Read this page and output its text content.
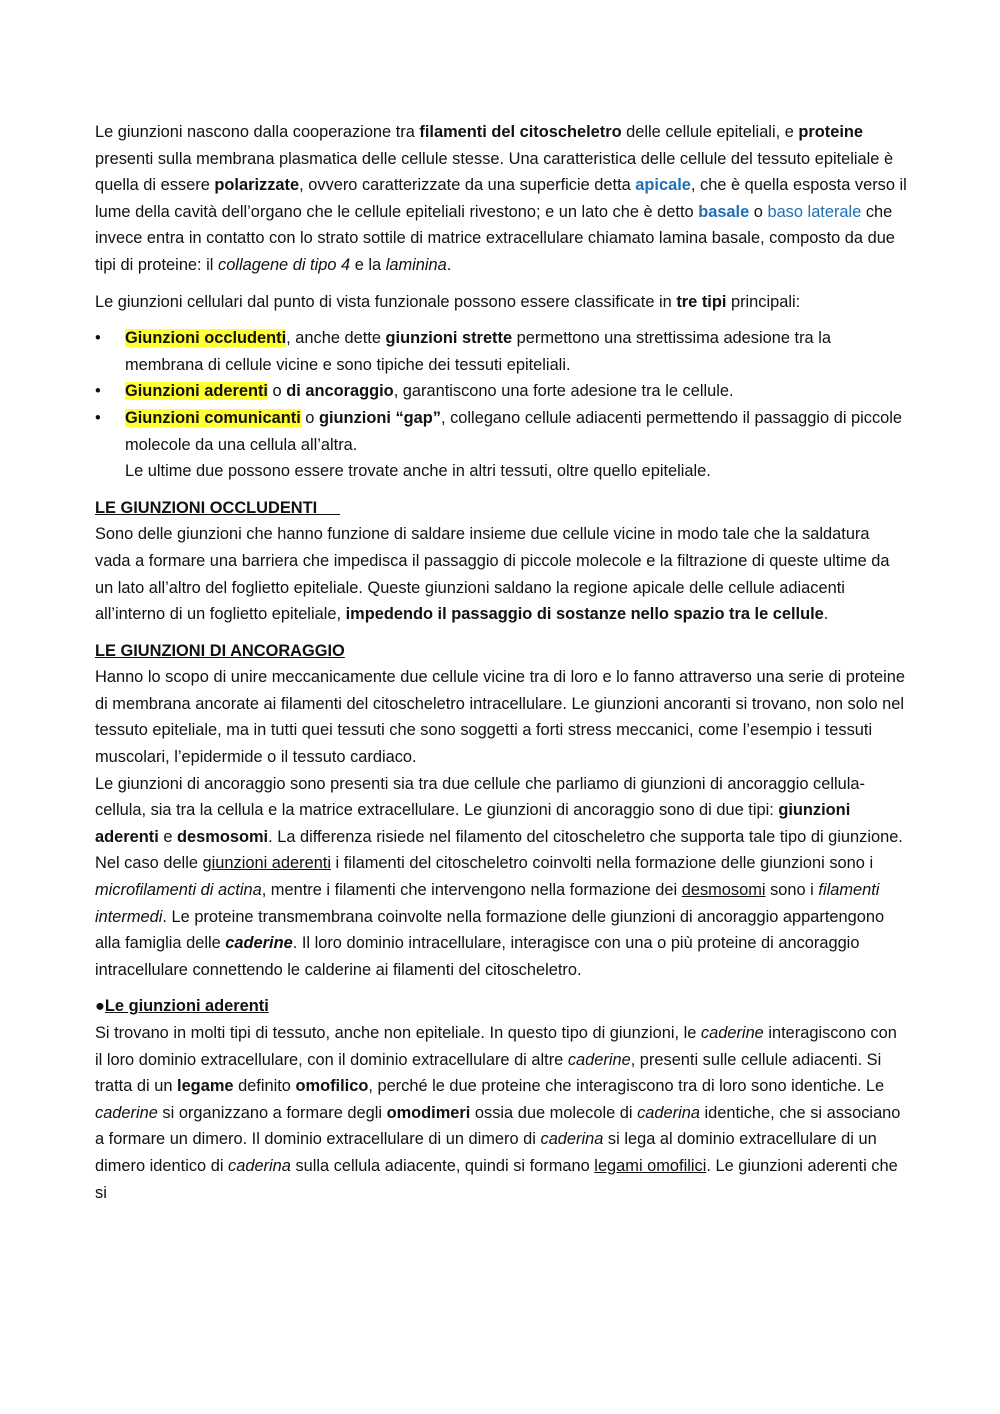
Le giunzioni nascono dalla cooperazione tra filamenti del citoscheletro delle cellule epiteliali, e proteine presenti sulla membrana plasmatica delle cellule stesse. Una caratteristica delle cellule del tessuto epiteliale è quella di essere polarizzate, ovvero caratterizzate da una superficie detta apicale, che è quella esposta verso il lume della cavità dell’organo che le cellule epiteliali rivestono; e un lato che è detto basale o baso laterale che invece entra in contatto con lo strato sottile di matrice extracellulare chiamato lamina basale, composto da due tipi di proteine: il collagene di tipo 4 e la laminina.

Le giunzioni cellulari dal punto di vista funzionale possono essere classificate in tre tipi principali:

• Giunzioni occludenti, anche dette giunzioni strette permettono una strettissima adesione tra la membrana di cellule vicine e sono tipiche dei tessuti epiteliali.
• Giunzioni aderenti o di ancoraggio, garantiscono una forte adesione tra le cellule.
• Giunzioni comunicanti o giunzioni “gap”, collegano cellule adiacenti permettendo il passaggio di piccole molecole da una cellula all’altra.
Le ultime due possono essere trovate anche in altri tessuti, oltre quello epiteliale.

LE GIUNZIONI OCCLUDENTI

Sono delle giunzioni che hanno funzione di saldare insieme due cellule vicine in modo tale che la saldatura vada a formare una barriera che impedisca il passaggio di piccole molecole e la filtrazione di queste ultime da un lato all’altro del foglietto epiteliale. Queste giunzioni saldano la regione apicale delle cellule adiacenti all’interno di un foglietto epiteliale, impedendo il passaggio di sostanze nello spazio tra le cellule.

LE GIUNZIONI DI ANCORAGGIO

Hanno lo scopo di unire meccanicamente due cellule vicine tra di loro e lo fanno attraverso una serie di proteine di membrana ancorate ai filamenti del citoscheletro intracellulare. Le giunzioni ancoranti si trovano, non solo nel tessuto epiteliale, ma in tutti quei tessuti che sono soggetti a forti stress meccanici, come l’esempio i tessuti muscolari, l’epidermide o il tessuto cardiaco.

Le giunzioni di ancoraggio sono presenti sia tra due cellule che parliamo di giunzioni di ancoraggio cellula-cellula, sia tra la cellula e la matrice extracellulare. Le giunzioni di ancoraggio sono di due tipi: giunzioni aderenti e desmosomi. La differenza risiede nel filamento del citoscheletro che supporta tale tipo di giunzione. Nel caso delle giunzioni aderenti i filamenti del citoscheletro coinvolti nella formazione delle giunzioni sono i microfilamenti di actina, mentre i filamenti che intervengono nella formazione dei desmosomi sono i filamenti intermedi. Le proteine transmembrana coinvolte nella formazione delle giunzioni di ancoraggio appartengono alla famiglia delle caderine. Il loro dominio intracellulare, interagisce con una o più proteine di ancoraggio intracellulare connettendo le calderine ai filamenti del citoscheletro.

●Le giunzioni aderenti

Si trovano in molti tipi di tessuto, anche non epiteliale. In questo tipo di giunzioni, le caderine interagiscono con il loro dominio extracellulare, con il dominio extracellulare di altre caderine, presenti sulle cellule adiacenti. Si tratta di un legame definito omofilico, perché le due proteine che interagiscono tra di loro sono identiche. Le caderine si organizzano a formare degli omodimeri ossia due molecole di caderina identiche, che si associano a formare un dimero. Il dominio extracellulare di un dimero di caderina si lega al dominio extracellulare di un dimero identico di caderina sulla cellula adiacente, quindi si formano legami omofilici. Le giunzioni aderenti che si
